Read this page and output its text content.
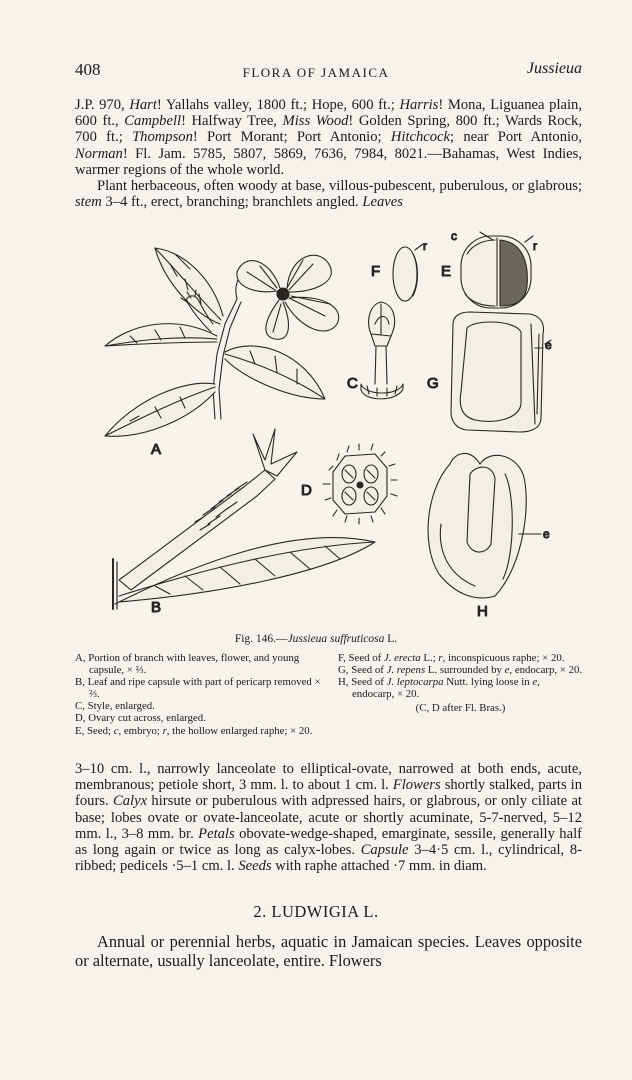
408	FLORA OF JAMAICA	Jussieua

J.P. 970, Hart! Yallahs valley, 1800 ft.; Hope, 600 ft.; Harris! Mona, Liguanea plain, 600 ft., Campbell! Halfway Tree, Miss Wood! Golden Spring, 800 ft.; Wards Rock, 700 ft.; Thompson! Port Morant; Port Antonio; Hitchcock; near Port Antonio, Norman! Fl. Jam. 5785, 5807, 5869, 7636, 7984, 8021.—Bahamas, West Indies, warmer regions of the whole world.

Plant herbaceous, often woody at base, villous-pubescent, puberulous, or glabrous; stem 3–4 ft., erect, branching; branchlets angled. Leaves

A
B
C
D
E
F
G
H
c
r	r
e
e
Fig. 146.—Jussieua suffruticosa L.
A, Portion of branch with leaves, flower, and young capsule, × ⅔.
B, Leaf and ripe capsule with part of pericarp removed × ⅔.
C, Style, enlarged.
D, Ovary cut across, enlarged.
E, Seed; c, embryo; r, the hollow enlarged raphe; × 20.
F, Seed of J. erecta L.; r, inconspicuous raphe; × 20.
G, Seed of J. repens L. surrounded by e, endocarp, × 20.
H, Seed of J. leptocarpa Nutt. lying loose in e, endocarp, × 20.
(C, D after Fl. Bras.)
3–10 cm. l., narrowly lanceolate to elliptical-ovate, narrowed at both ends, acute, membranous; petiole short, 3 mm. l. to about 1 cm. l. Flowers shortly stalked, parts in fours. Calyx hirsute or puberulous with adpressed hairs, or glabrous, or only ciliate at base; lobes ovate or ovate-lanceolate, acute or shortly acuminate, 5-7-nerved, 5–12 mm. l., 3–8 mm. br. Petals obovate-wedge-shaped, emarginate, sessile, generally half as long again or twice as long as calyx-lobes. Capsule 3–4·5 cm. l., cylindrical, 8-ribbed; pedicels ·5–1 cm. l. Seeds with raphe attached ·7 mm. in diam.
2. LUDWIGIA L.
Annual or perennial herbs, aquatic in Jamaican species. Leaves opposite or alternate, usually lanceolate, entire. Flowers
